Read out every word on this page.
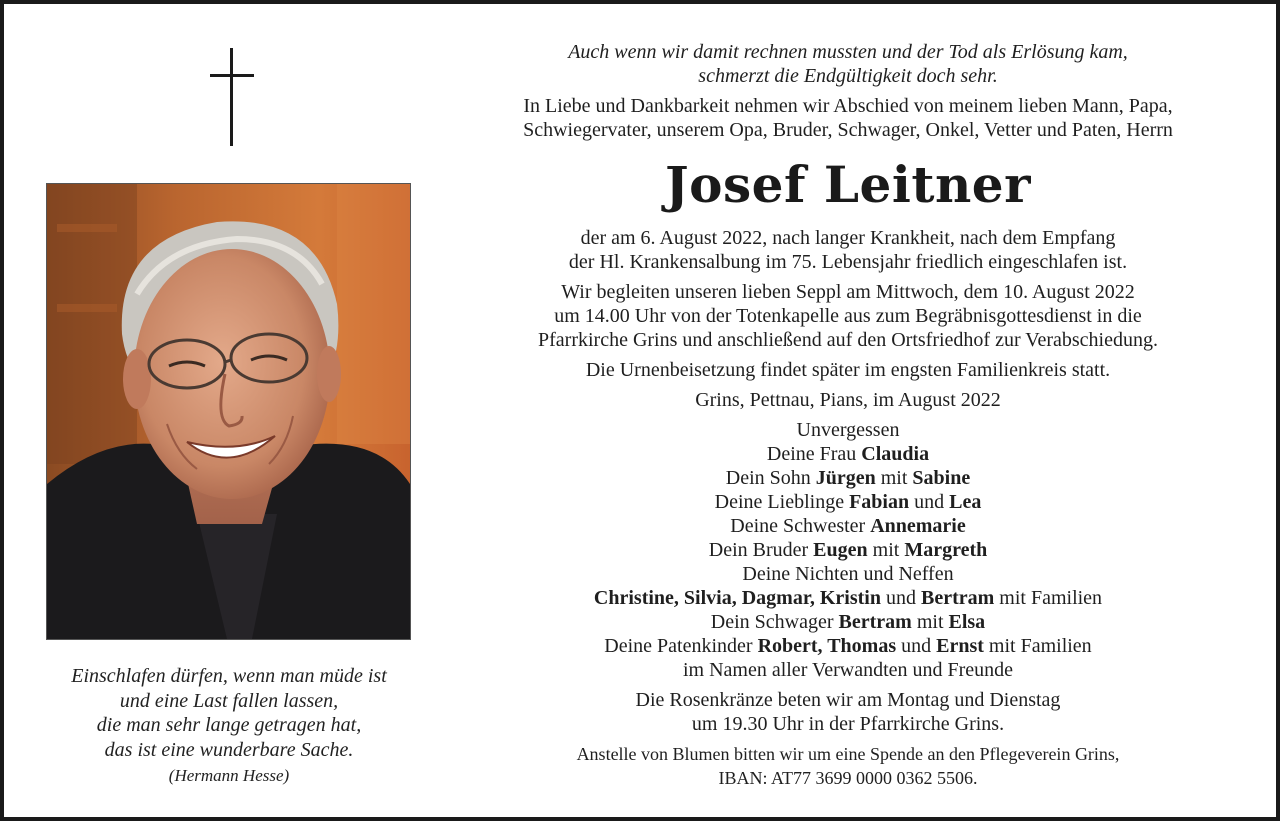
Einschlafen dürfen, wenn man müde ist
und eine Last fallen lassen,
die man sehr lange getragen hat,
das ist eine wunderbare Sache.
(Hermann Hesse)
Auch wenn wir damit rechnen mussten und der Tod als Erlösung kam,
schmerzt die Endgültigkeit doch sehr.
In Liebe und Dankbarkeit nehmen wir Abschied von meinem lieben Mann, Papa,
Schwiegervater, unserem Opa, Bruder, Schwager, Onkel, Vetter und Paten, Herrn
Josef Leitner
der am 6. August 2022, nach langer Krankheit, nach dem Empfang
der Hl. Krankensalbung im 75. Lebensjahr friedlich eingeschlafen ist.
Wir begleiten unseren lieben Seppl am Mittwoch, dem 10. August 2022
um 14.00 Uhr von der Totenkapelle aus zum Begräbnisgottesdienst in die
Pfarrkirche Grins und anschließend auf den Ortsfriedhof zur Verabschiedung.
Die Urnenbeisetzung findet später im engsten Familienkreis statt.
Grins, Pettnau, Pians, im August 2022
Unvergessen
Deine Frau Claudia
Dein Sohn Jürgen mit Sabine
Deine Lieblinge Fabian und Lea
Deine Schwester Annemarie
Dein Bruder Eugen mit Margreth
Deine Nichten und Neffen
Christine, Silvia, Dagmar, Kristin und Bertram mit Familien
Dein Schwager Bertram mit Elsa
Deine Patenkinder Robert, Thomas und Ernst mit Familien
im Namen aller Verwandten und Freunde
Die Rosenkränze beten wir am Montag und Dienstag
um 19.30 Uhr in der Pfarrkirche Grins.
Anstelle von Blumen bitten wir um eine Spende an den Pflegeverein Grins,
IBAN: AT77 3699 0000 0362 5506.
